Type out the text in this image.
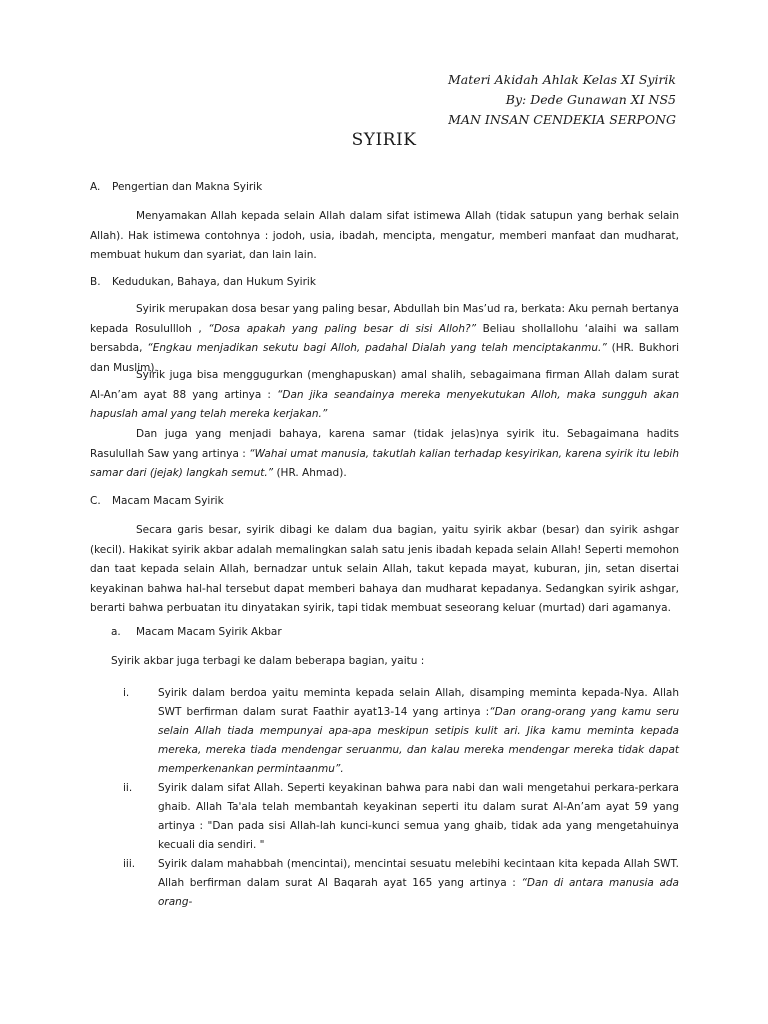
Materi Akidah Ahlak Kelas XI Syirik
By: Dede Gunawan XI NS5
MAN INSAN CENDEKIA SERPONG
SYIRIK
A. Pengertian dan Makna Syirik
Menyamakan Allah kepada selain Allah dalam sifat istimewa Allah (tidak satupun yang berhak selain Allah). Hak istimewa contohnya : jodoh, usia, ibadah, mencipta, mengatur, memberi manfaat dan mudharat, membuat hukum dan syariat, dan lain lain.
B. Kedudukan, Bahaya, dan Hukum Syirik
Syirik merupakan dosa besar yang paling besar, Abdullah bin Mas’ud ra, berkata: Aku pernah bertanya kepada Rosulullloh , “Dosa apakah yang paling besar di sisi Alloh?” Beliau shollallohu ‘alaihi wa sallam bersabda, “Engkau menjadikan sekutu bagi Alloh, padahal Dialah yang telah menciptakanmu.” (HR. Bukhori dan Muslim).
Syirik juga bisa menggugurkan (menghapuskan) amal shalih, sebagaimana firman Allah dalam surat Al-An’am ayat 88 yang artinya : “Dan jika seandainya mereka menyekutukan Alloh, maka sungguh akan hapuslah amal yang telah mereka kerjakan.”
Dan juga yang menjadi bahaya, karena samar (tidak jelas)nya syirik itu. Sebagaimana hadits Rasulullah Saw yang artinya : “Wahai umat manusia, takutlah kalian terhadap kesyirikan, karena syirik itu lebih samar dari (jejak) langkah semut.” (HR. Ahmad).
C. Macam Macam Syirik
Secara garis besar, syirik dibagi ke dalam dua bagian, yaitu syirik akbar (besar) dan syirik ashgar (kecil). Hakikat syirik akbar adalah memalingkan salah satu jenis ibadah kepada selain Allah! Seperti memohon dan taat kepada selain Allah, bernadzar untuk selain Allah, takut kepada mayat, kuburan, jin, setan disertai keyakinan bahwa hal-hal tersebut dapat memberi bahaya dan mudharat kepadanya. Sedangkan syirik ashgar, berarti bahwa perbuatan itu dinyatakan syirik, tapi tidak membuat seseorang keluar (murtad) dari agamanya.
a. Macam Macam Syirik Akbar
Syirik akbar juga terbagi ke dalam beberapa bagian, yaitu :
i.	Syirik dalam berdoa yaitu meminta kepada selain Allah, disamping meminta kepada-Nya. Allah SWT berfirman dalam surat Faathir ayat13-14 yang artinya :“Dan orang-orang yang kamu seru selain Allah tiada mempunyai apa-apa meskipun setipis kulit ari. Jika kamu meminta kepada mereka, mereka tiada mendengar seruanmu, dan kalau mereka mendengar mereka tidak dapat memperkenankan permintaanmu”.
ii.	Syirik dalam sifat Allah. Seperti keyakinan bahwa para nabi dan wali mengetahui perkara-perkara ghaib. Allah Ta'ala telah membantah keyakinan seperti itu dalam surat Al-An’am ayat 59 yang artinya : "Dan pada sisi Allah-lah kunci-kunci semua yang ghaib, tidak ada yang mengetahuinya kecuali dia sendiri. "
iii.	Syirik dalam mahabbah (mencintai), mencintai sesuatu melebihi kecintaan kita kepada Allah SWT. Allah berfirman dalam surat Al Baqarah ayat 165 yang artinya : “Dan di antara manusia ada orang-
